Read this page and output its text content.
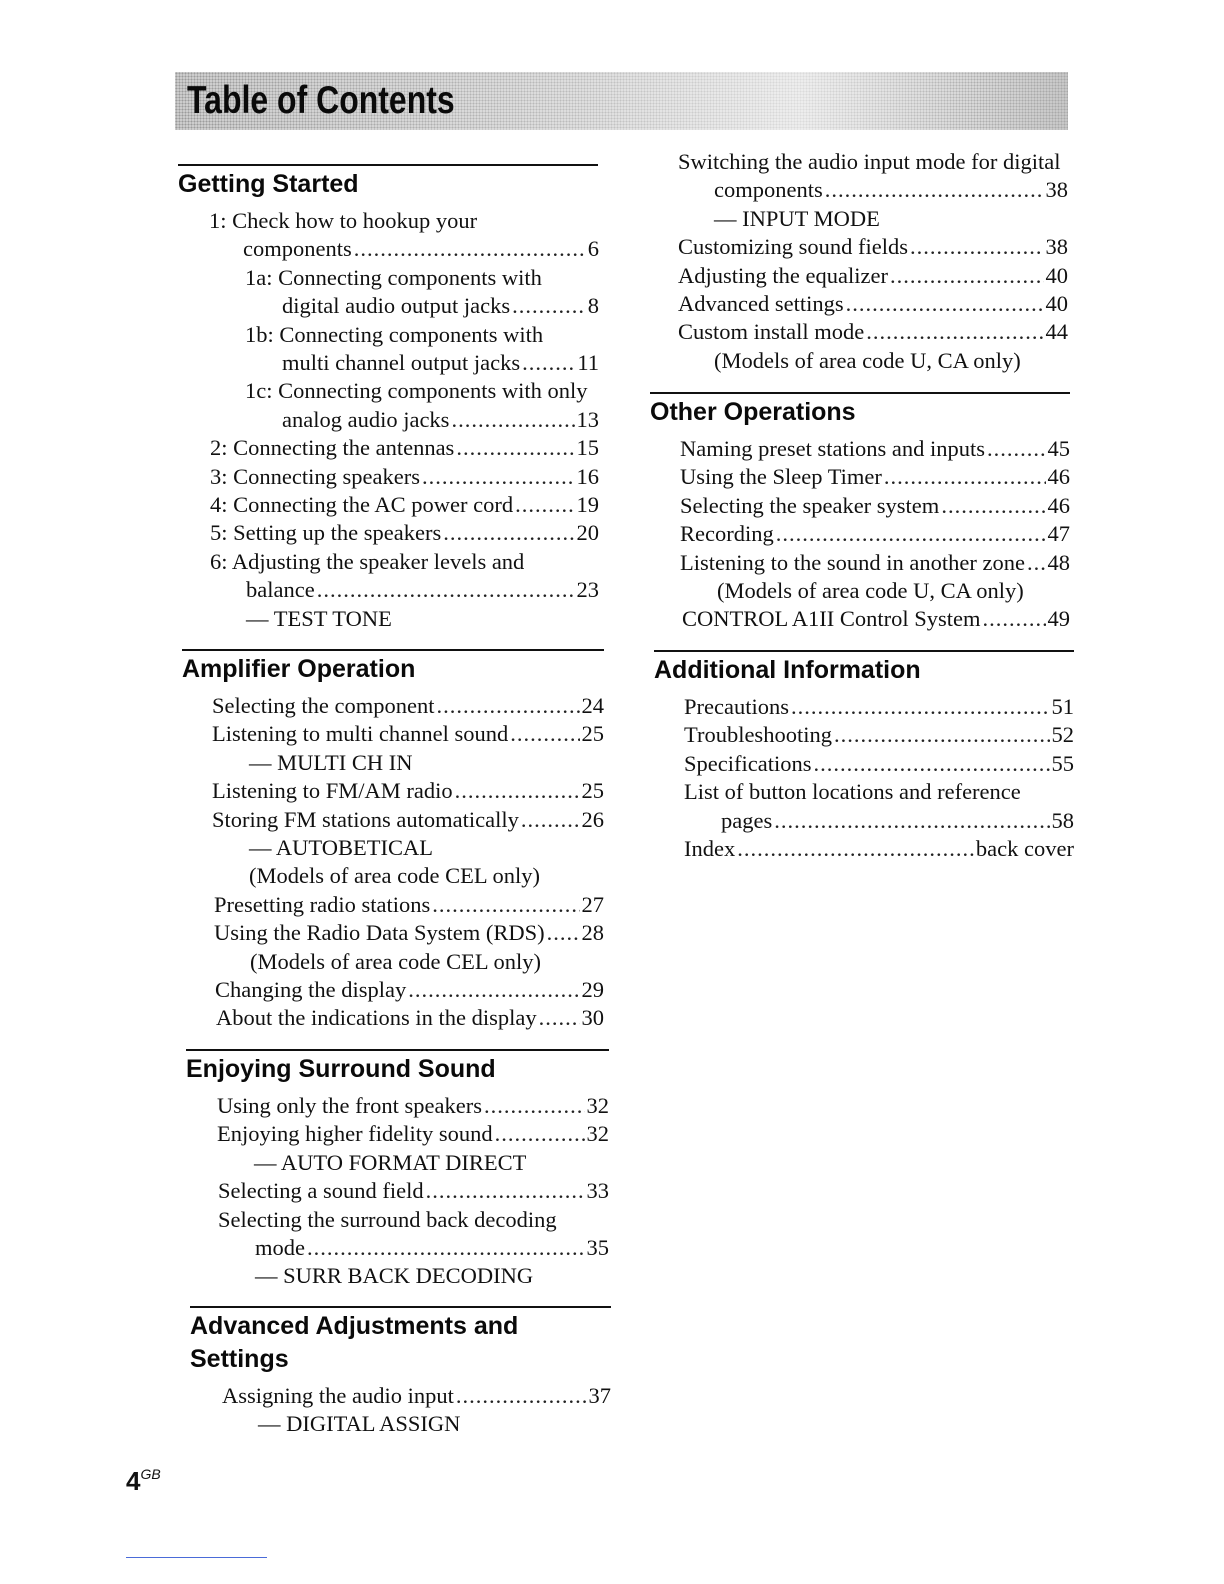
Table of Contents
Getting Started
1: Check how to hookup your
components .....	6
1a: Connecting components with
digital audio output jacks .....	8
1b: Connecting components with
multi channel output jacks .....	11
1c: Connecting components with only
analog audio jacks .....	13
2: Connecting the antennas .....	15
3: Connecting speakers .....	16
4: Connecting the AC power cord .....	19
5: Setting up the speakers .....	20
6: Adjusting the speaker levels and
balance .....	23
— TEST TONE
Amplifier Operation
Selecting the component .....	24
Listening to multi channel sound .....	25
— MULTI CH IN
Listening to FM/AM radio .....	25
Storing FM stations automatically .....	26
— AUTOBETICAL
(Models of area code CEL only)
Presetting radio stations .....	27
Using the Radio Data System (RDS) ..... 28
(Models of area code CEL only)
Changing the display .....	29
About the indications in the display ..... 30
Enjoying Surround Sound
Using only the front speakers .....	32
Enjoying higher fidelity sound .....	32
— AUTO FORMAT DIRECT
Selecting a sound field .....	33
Selecting the surround back decoding
mode .....	35
— SURR BACK DECODING
Advanced Adjustments and Settings
Assigning the audio input .....	37
— DIGITAL ASSIGN
Switching the audio input mode for digital
components .....	38
— INPUT MODE
Customizing sound fields .....	38
Adjusting the equalizer .....	40
Advanced settings .....	40
Custom install mode .....	44
(Models of area code U, CA only)
Other Operations
Naming preset stations and inputs .....	45
Using the Sleep Timer .....	46
Selecting the speaker system .....	46
Recording .....	47
Listening to the sound in another zone ..... 48
(Models of area code U, CA only)
CONTROL A1II Control System .....	49
Additional Information
Precautions .....	51
Troubleshooting .....	52
Specifications .....	55
List of button locations and reference
pages .....	58
Index .....	back cover
$4^{GB}$
